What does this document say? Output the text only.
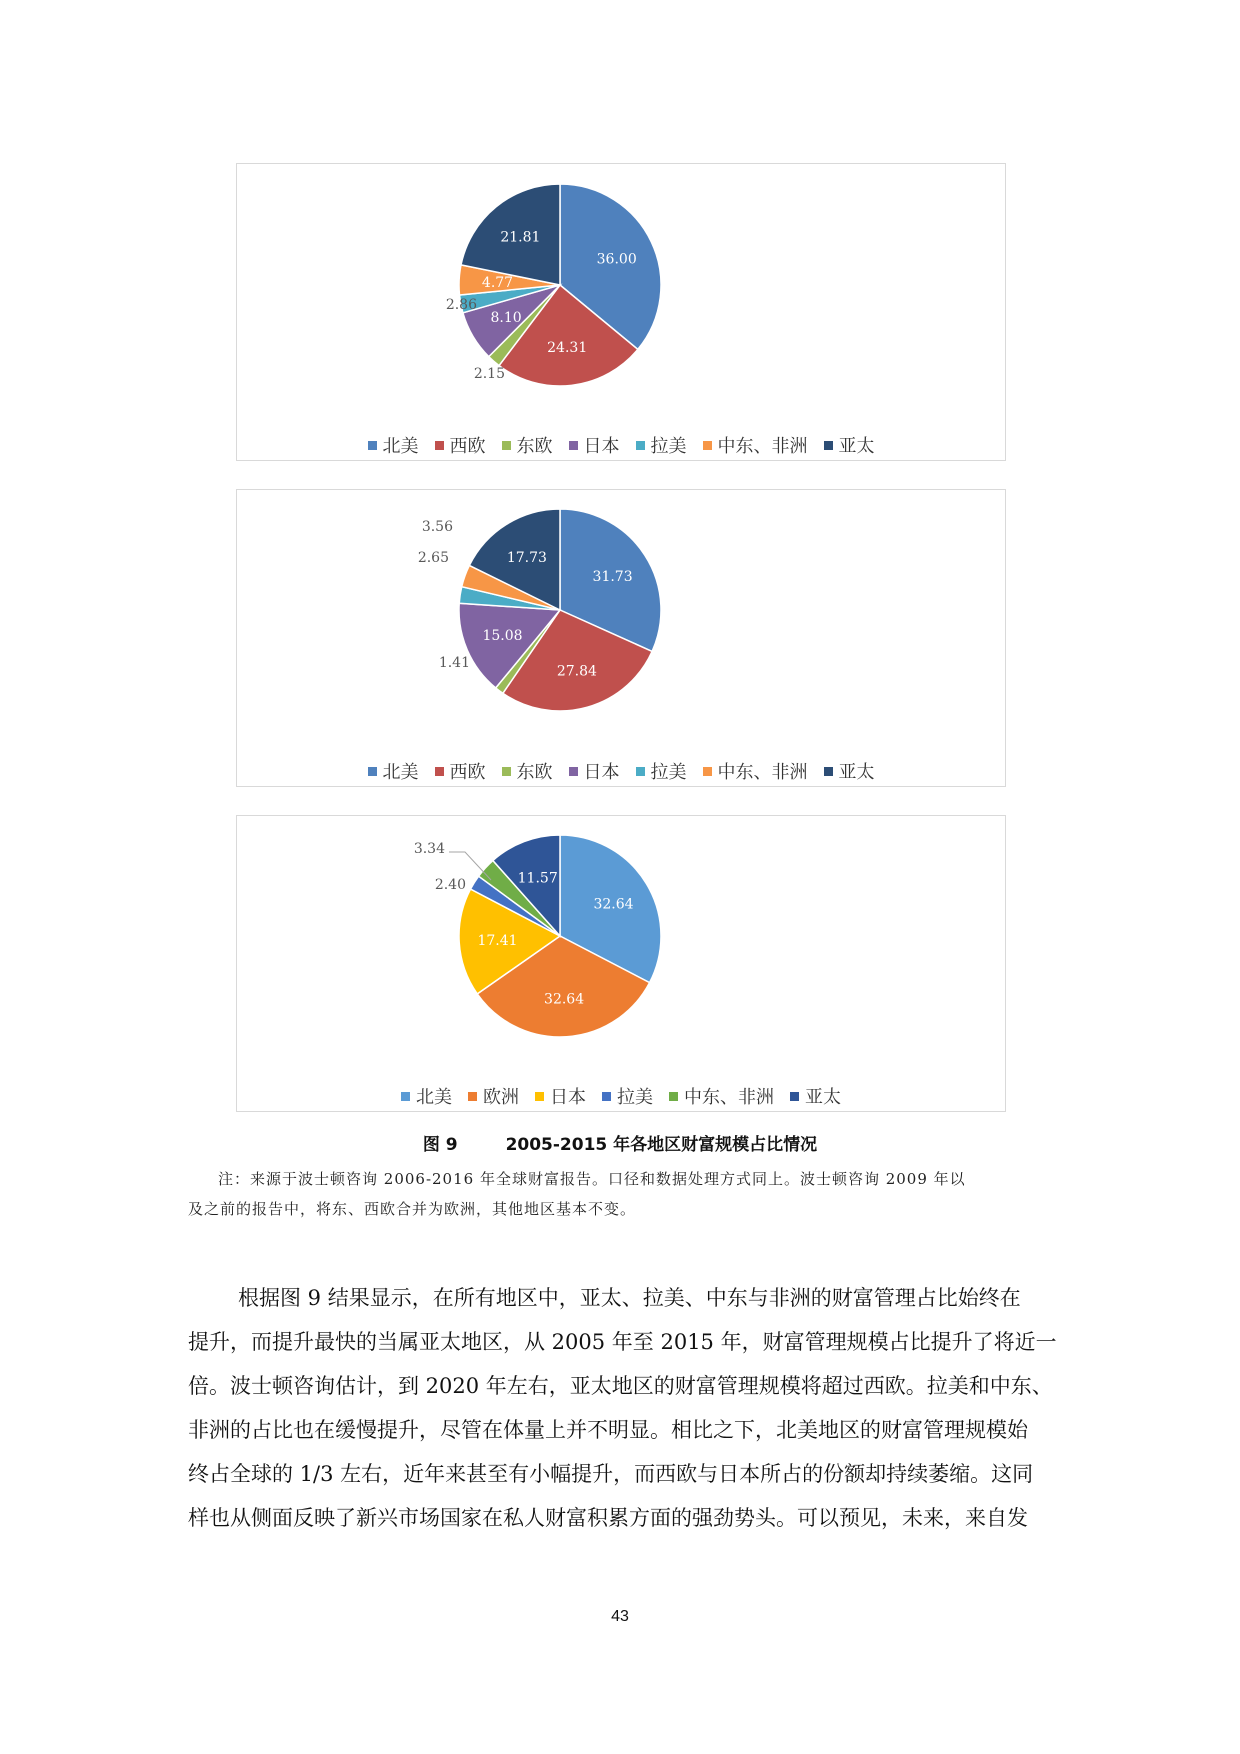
36.00
24.31
2.15
8.10
2.86
4.77
21.81
北美 西欧 东欧 日本 拉美 中东、非洲 亚太
31.73
27.84
1.41
15.08
2.65
3.56
17.73
北美 西欧 东欧 日本 拉美 中东、非洲 亚太
32.64
32.64
17.41
2.40
3.34
11.57
北美 欧洲 日本 拉美 中东、非洲 亚太
图 9	2005-2015 年各地区财富规模占比情况
注：来源于波士顿咨询 2006-2016 年全球财富报告。口径和数据处理方式同上。波士顿咨询 2009 年以
及之前的报告中，将东、西欧合并为欧洲，其他地区基本不变。
根据图 9 结果显示，在所有地区中，亚太、拉美、中东与非洲的财富管理占比始终在
提升，而提升最快的当属亚太地区，从 2005 年至 2015 年，财富管理规模占比提升了将近一
倍。波士顿咨询估计，到 2020 年左右，亚太地区的财富管理规模将超过西欧。拉美和中东、
非洲的占比也在缓慢提升，尽管在体量上并不明显。相比之下，北美地区的财富管理规模始
终占全球的 1/3 左右，近年来甚至有小幅提升，而西欧与日本所占的份额却持续萎缩。这同
样也从侧面反映了新兴市场国家在私人财富积累方面的强劲势头。可以预见，未来，来自发
43
